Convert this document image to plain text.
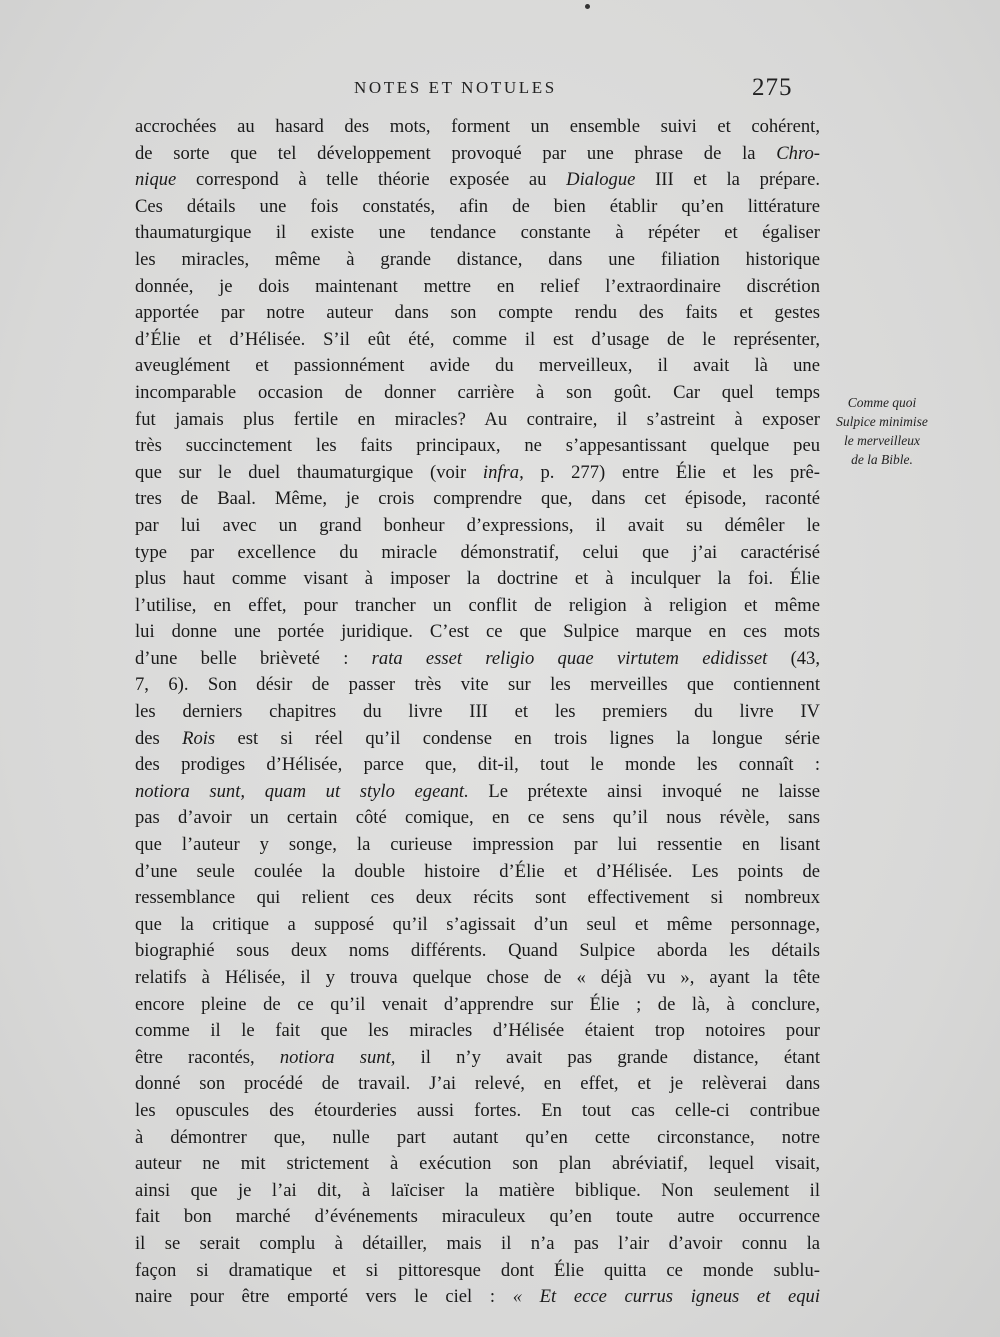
NOTES ET NOTULES	275
accrochées au hasard des mots, forment un ensemble suivi et cohérent,
de sorte que tel développement provoqué par une phrase de la Chro-
nique correspond à telle théorie exposée au Dialogue III et la prépare.
Ces détails une fois constatés, afin de bien établir qu’en littérature
thaumaturgique il existe une tendance constante à répéter et égaliser
les miracles, même à grande distance, dans une filiation historique
donnée, je dois maintenant mettre en relief l’extraordinaire discrétion
apportée par notre auteur dans son compte rendu des faits et gestes
d’Élie et d’Hélisée. S’il eût été, comme il est d’usage de le représenter,
aveuglément et passionnément avide du merveilleux, il avait là une
incomparable occasion de donner carrière à son goût. Car quel temps
fut jamais plus fertile en miracles? Au contraire, il s’astreint à exposer
très succinctement les faits principaux, ne s’appesantissant quelque peu
que sur le duel thaumaturgique (voir infra, p. 277) entre Élie et les prê-
tres de Baal. Même, je crois comprendre que, dans cet épisode, raconté
par lui avec un grand bonheur d’expressions, il avait su démêler le
type par excellence du miracle démonstratif, celui que j’ai caractérisé
plus haut comme visant à imposer la doctrine et à inculquer la foi. Élie
l’utilise, en effet, pour trancher un conflit de religion à religion et même
lui donne une portée juridique. C’est ce que Sulpice marque en ces mots
d’une belle brièveté : rata esset religio quae virtutem edidisset (43,
7, 6). Son désir de passer très vite sur les merveilles que contiennent
les derniers chapitres du livre III et les premiers du livre IV
des Rois est si réel qu’il condense en trois lignes la longue série
des prodiges d’Hélisée, parce que, dit-il, tout le monde les connaît :
notiora sunt, quam ut stylo egeant. Le prétexte ainsi invoqué ne laisse
pas d’avoir un certain côté comique, en ce sens qu’il nous révèle, sans
que l’auteur y songe, la curieuse impression par lui ressentie en lisant
d’une seule coulée la double histoire d’Élie et d’Hélisée. Les points de
ressemblance qui relient ces deux récits sont effectivement si nombreux
que la critique a supposé qu’il s’agissait d’un seul et même personnage,
biographié sous deux noms différents. Quand Sulpice aborda les détails
relatifs à Hélisée, il y trouva quelque chose de « déjà vu », ayant la tête
encore pleine de ce qu’il venait d’apprendre sur Élie ; de là, à conclure,
comme il le fait que les miracles d’Hélisée étaient trop notoires pour
être racontés, notiora sunt, il n’y avait pas grande distance, étant
donné son procédé de travail. J’ai relevé, en effet, et je relèverai dans
les opuscules des étourderies aussi fortes. En tout cas celle-ci contribue
à démontrer que, nulle part autant qu’en cette circonstance, notre
auteur ne mit strictement à exécution son plan abréviatif, lequel visait,
ainsi que je l’ai dit, à laïciser la matière biblique. Non seulement il
fait bon marché d’événements miraculeux qu’en toute autre occurrence
il se serait complu à détailler, mais il n’a pas l’air d’avoir connu la
façon si dramatique et si pittoresque dont Élie quitta ce monde sublu-
naire pour être emporté vers le ciel : « Et ecce currus igneus et equi
Comme quoi
Sulpice minimise
le merveilleux
de la Bible.
